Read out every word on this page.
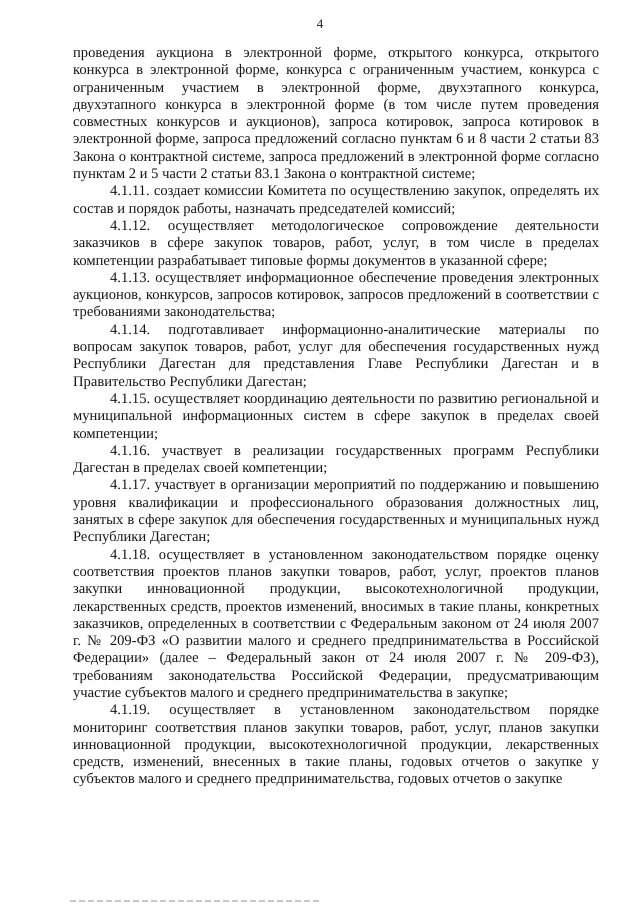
4

проведения аукциона в электронной форме, открытого конкурса, открытого конкурса в электронной форме, конкурса с ограниченным участием, конкурса с ограниченным участием в электронной форме, двухэтапного конкурса, двухэтапного конкурса в электронной форме (в том числе путем проведения совместных конкурсов и аукционов), запроса котировок, запроса котировок в электронной форме, запроса предложений согласно пунктам 6 и 8 части 2 статьи 83 Закона о контрактной системе, запроса предложений в электронной форме согласно пунктам 2 и 5 части 2 статьи 83.1 Закона о контрактной системе;

4.1.11. создает комиссии Комитета по осуществлению закупок, определять их состав и порядок работы, назначать председателей комиссий;

4.1.12. осуществляет методологическое сопровождение деятельности заказчиков в сфере закупок товаров, работ, услуг, в том числе в пределах компетенции разрабатывает типовые формы документов в указанной сфере;

4.1.13. осуществляет информационное обеспечение проведения электронных аукционов, конкурсов, запросов котировок, запросов предложений в соответствии с требованиями законодательства;

4.1.14. подготавливает информационно-аналитические материалы по вопросам закупок товаров, работ, услуг для обеспечения государственных нужд Республики Дагестан для представления Главе Республики Дагестан и в Правительство Республики Дагестан;

4.1.15. осуществляет координацию деятельности по развитию региональной и муниципальной информационных систем в сфере закупок в пределах своей компетенции;

4.1.16. участвует в реализации государственных программ Республики Дагестан в пределах своей компетенции;

4.1.17. участвует в организации мероприятий по поддержанию и повышению уровня квалификации и профессионального образования должностных лиц, занятых в сфере закупок для обеспечения государственных и муниципальных нужд Республики Дагестан;

4.1.18. осуществляет в установленном законодательством порядке оценку соответствия проектов планов закупки товаров, работ, услуг, проектов планов закупки инновационной продукции, высокотехнологичной продукции, лекарственных средств, проектов изменений, вносимых в такие планы, конкретных заказчиков, определенных в соответствии с Федеральным законом от 24 июля 2007 г. № 209-ФЗ «О развитии малого и среднего предпринимательства в Российской Федерации» (далее – Федеральный закон от 24 июля 2007 г. № 209-ФЗ), требованиям законодательства Российской Федерации, предусматривающим участие субъектов малого и среднего предпринимательства в закупке;

4.1.19. осуществляет в установленном законодательством порядке мониторинг соответствия планов закупки товаров, работ, услуг, планов закупки инновационной продукции, высокотехнологичной продукции, лекарственных средств, изменений, внесенных в такие планы, годовых отчетов о закупке у субъектов малого и среднего предпринимательства, годовых отчетов о закупке
